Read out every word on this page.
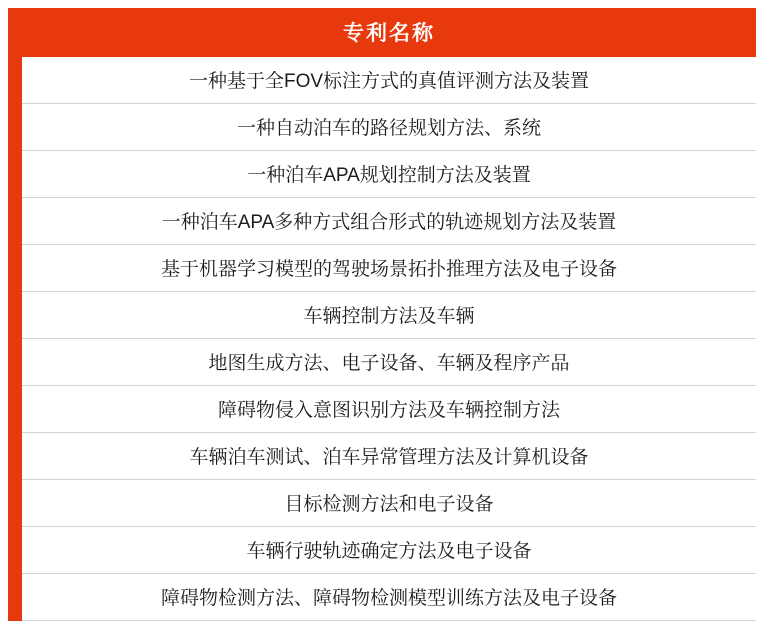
	专利名称
	一种基于全FOV标注方式的真值评测方法及装置
	一种自动泊车的路径规划方法、系统
	一种泊车APA规划控制方法及装置
	一种泊车APA多种方式组合形式的轨迹规划方法及装置
	基于机器学习模型的驾驶场景拓扑推理方法及电子设备
	车辆控制方法及车辆
	地图生成方法、电子设备、车辆及程序产品
	障碍物侵入意图识别方法及车辆控制方法
	车辆泊车测试、泊车异常管理方法及计算机设备
	目标检测方法和电子设备
	车辆行驶轨迹确定方法及电子设备
	障碍物检测方法、障碍物检测模型训练方法及电子设备
